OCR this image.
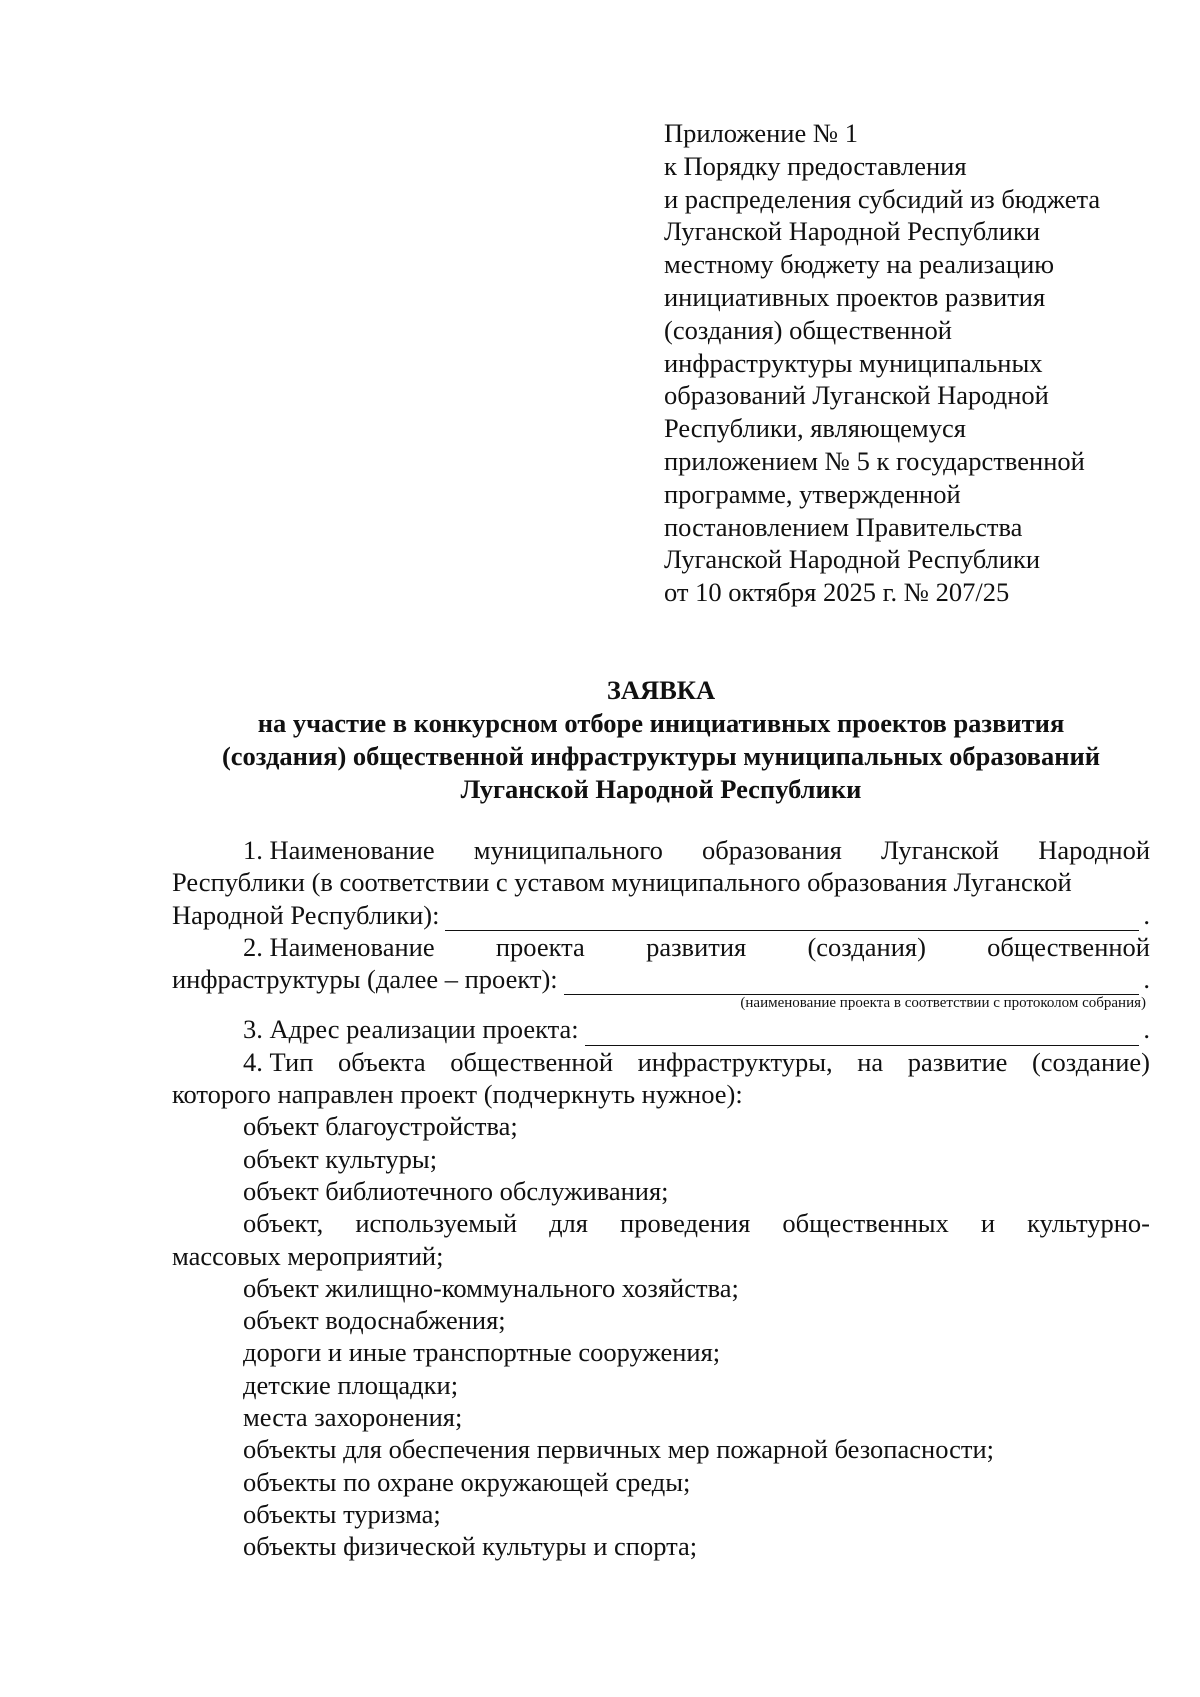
Приложение № 1
к Порядку предоставления
и распределения субсидий из бюджета
Луганской Народной Республики
местному бюджету на реализацию
инициативных проектов развития
(создания) общественной
инфраструктуры муниципальных
образований Луганской Народной
Республики, являющемуся
приложением № 5 к государственной
программе, утвержденной
постановлением Правительства
Луганской Народной Республики
от 10 октября 2025 г. № 207/25
ЗАЯВКА
на участие в конкурсном отборе инициативных проектов развития
(создания) общественной инфраструктуры муниципальных образований
Луганской Народной Республики
1. Наименование муниципального образования Луганской Народной
Республики (в соответствии с уставом муниципального образования Луганской
Народной Республики):	.
2. Наименование проекта развития (создания) общественной
инфраструктуры (далее – проект):	.
(наименование проекта в соответствии с протоколом собрания)
3. Адрес реализации проекта:	.
4. Тип объекта общественной инфраструктуры, на развитие (создание)
которого направлен проект (подчеркнуть нужное):
объект благоустройства;
объект культуры;
объект библиотечного обслуживания;
объект, используемый для проведения общественных и культурно-
массовых мероприятий;
объект жилищно-коммунального хозяйства;
объект водоснабжения;
дороги и иные транспортные сооружения;
детские площадки;
места захоронения;
объекты для обеспечения первичных мер пожарной безопасности;
объекты по охране окружающей среды;
объекты туризма;
объекты физической культуры и спорта;
